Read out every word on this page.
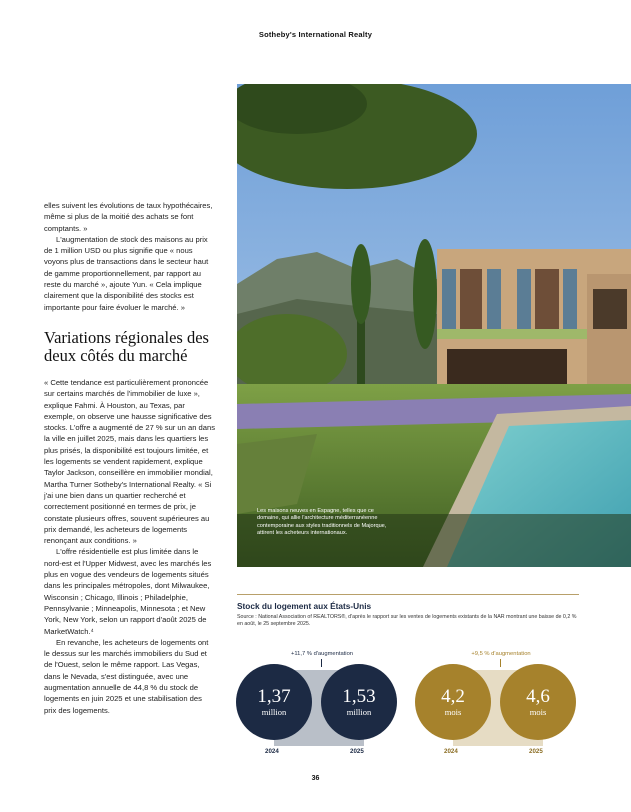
Sotheby's International Realty

elles suivent les évolutions de taux hypothécaires, même si plus de la moitié des achats se font comptants. »

L'augmentation de stock des maisons au prix de 1 million USD ou plus signifie que « nous voyons plus de transactions dans le secteur haut de gamme proportionnellement, par rapport au reste du marché », ajoute Yun. « Cela implique clairement que la disponibilité des stocks est importante pour faire évoluer le marché. »

Variations régionales des deux côtés du marché

« Cette tendance est particulièrement prononcée sur certains marchés de l'immobilier de luxe », explique Fahmi. À Houston, au Texas, par exemple, on observe une hausse significative des stocks. L'offre a augmenté de 27 % sur un an dans la ville en juillet 2025, mais dans les quartiers les plus prisés, la disponibilité est toujours limitée, et les logements se vendent rapidement, explique Taylor Jackson, conseillère en immobilier mondial, Martha Turner Sotheby's International Realty. « Si j'ai une bien dans un quartier recherché et correctement positionné en termes de prix, je constate plusieurs offres, souvent supérieures au prix demandé, les acheteurs de logements renonçant aux conditions. »

L'offre résidentielle est plus limitée dans le nord-est et l'Upper Midwest, avec les marchés les plus en vogue des vendeurs de logements situés dans les principales métropoles, dont Milwaukee, Wisconsin ; Chicago, Illinois ; Philadelphie, Pennsylvanie ; Minneapolis, Minnesota ; et New York, New York, selon un rapport d'août 2025 de MarketWatch.⁴

En revanche, les acheteurs de logements ont le dessus sur les marchés immobiliers du Sud et de l'Ouest, selon le même rapport. Las Vegas, dans le Nevada, s'est distinguée, avec une augmentation annuelle de 44,8 % du stock de logements en juin 2025 et une stabilisation des prix des logements.

Les maisons neuves en Espagne, telles que ce domaine, qui allie l'architecture méditerranéenne contemporaine aux styles traditionnels de Majorque, attirent les acheteurs internationaux.
Stock du logement aux États-Unis
Source : National Association of REALTORS®, d'après le rapport sur les ventes de logements existants de la NAR montrant une baisse de 0,2 % en août, le 25 septembre 2025.
+11,7 % d'augmentation
1,37
million
1,53
million
2024	2025
+9,5 % d'augmentation
4,2
mois
4,6
mois
2024	2025
36
